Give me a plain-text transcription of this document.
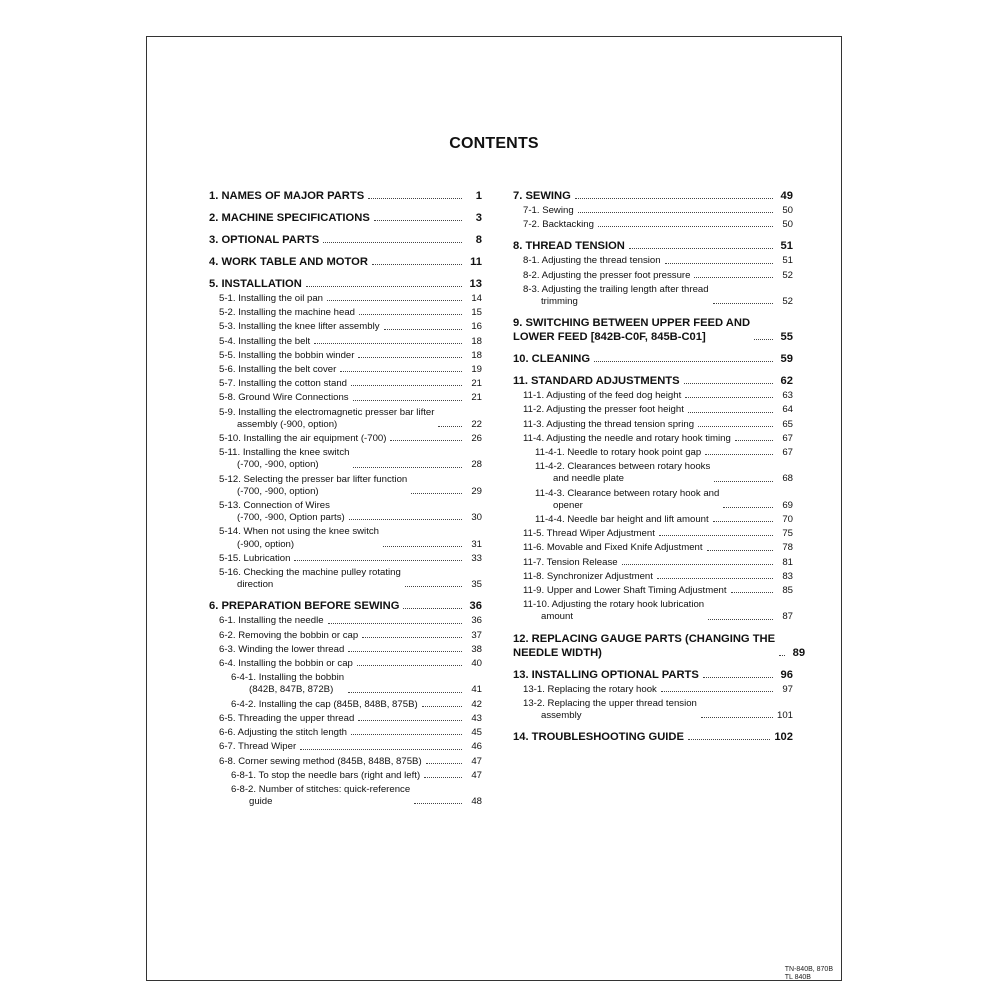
CONTENTS
1. NAMES OF MAJOR PARTS	1
2. MACHINE SPECIFICATIONS	3
3. OPTIONAL PARTS	8
4. WORK TABLE AND MOTOR	11
5. INSTALLATION	13
5-1. Installing the oil pan	14
5-2. Installing the machine head	15
5-3. Installing the knee lifter assembly	16
5-4. Installing the belt	18
5-5. Installing the bobbin winder	18
5-6. Installing the belt cover	19
5-7. Installing the cotton stand	21
5-8. Ground Wire Connections	21
5-9. Installing the electromagnetic presser bar lifter
assembly (-900, option)	22
5-10. Installing the air equipment (-700)	26
5-11. Installing the knee switch
(-700, -900, option)	28
5-12. Selecting the presser bar lifter function
(-700, -900, option)	29
5-13. Connection of Wires
(-700, -900, Option parts)	30
5-14. When not using the knee switch
(-900, option)	31
5-15. Lubrication	33
5-16. Checking the machine pulley rotating
direction	35
6. PREPARATION BEFORE SEWING	36
6-1. Installing the needle	36
6-2. Removing the bobbin or cap	37
6-3. Winding the lower thread	38
6-4. Installing the bobbin or cap	40
6-4-1. Installing the bobbin
(842B, 847B, 872B)	41
6-4-2. Installing the cap (845B, 848B, 875B)	42
6-5. Threading the upper thread	43
6-6. Adjusting the stitch length	45
6-7. Thread Wiper	46
6-8. Corner sewing method (845B, 848B, 875B)	47
6-8-1. To stop the needle bars (right and left)	47
6-8-2. Number of stitches: quick-reference
guide	48
7. SEWING	49
7-1. Sewing	50
7-2. Backtacking	50
8. THREAD TENSION	51
8-1. Adjusting the thread tension	51
8-2. Adjusting the presser foot pressure	52
8-3. Adjusting the trailing length after thread
trimming	52
9. SWITCHING BETWEEN UPPER FEED AND
LOWER FEED [842B-C0F, 845B-C01]	55
10. CLEANING	59
11. STANDARD ADJUSTMENTS	62
11-1. Adjusting of the feed dog height	63
11-2. Adjusting the presser foot height	64
11-3. Adjusting the thread tension spring	65
11-4. Adjusting the needle and rotary hook timing	67
11-4-1. Needle to rotary hook point gap	67
11-4-2. Clearances between rotary hooks
and needle plate	68
11-4-3. Clearance between rotary hook and
opener	69
11-4-4. Needle bar height and lift amount	70
11-5. Thread Wiper Adjustment	75
11-6. Movable and Fixed Knife Adjustment	78
11-7. Tension Release	81
11-8. Synchronizer Adjustment	83
11-9. Upper and Lower Shaft Timing Adjustment	85
11-10. Adjusting the rotary hook lubrication
amount	87
12. REPLACING GAUGE PARTS (CHANGING THE
NEEDLE WIDTH)	89
13. INSTALLING OPTIONAL PARTS	96
13-1. Replacing the rotary hook	97
13-2. Replacing the upper thread tension
assembly	101
14. TROUBLESHOOTING GUIDE	102
TN-840B, 870B
TL 840B
